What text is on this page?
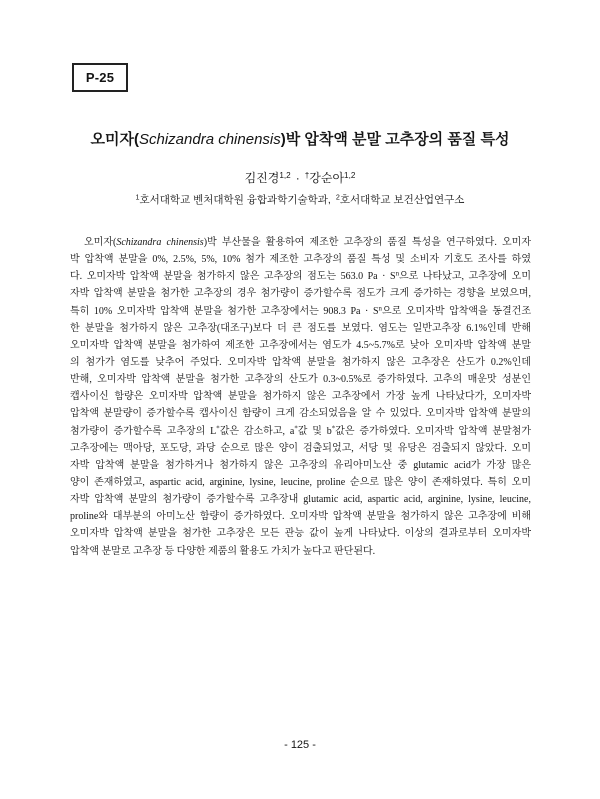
P-25
오미자(Schizandra chinensis)박 압착액 분말 고추장의 품질 특성
김진경$^{1,2}$ · †강순아$^{1,2}$
$^1$호서대학교 벤처대학원 융합과학기술학과, $^2$호서대학교 보건산업연구소
오미자(Schizandra chinensis)박 부산물을 활용하여 제조한 고추장의 품질 특성을 연구하였다. 오미자
박 압착액 분말을 0%, 2.5%, 5%, 10% 첨가 제조한 고추장의 품질 특성 및 소비자 기호도 조사를 하였
다. 오미자박 압착액 분말을 첨가하지 않은 고추장의 점도는 563.0 $Pa \cdot S^n$으로 나타났고, 고추장에 오미
자박 압착액 분말을 첨가한 고추장의 경우 첨가량이 증가할수록 점도가 크게 증가하는 경향을 보였으며,
특히 10% 오미자박 압착액 분말을 첨가한 고추장에서는 908.3 $Pa \cdot S^n$으로 오미자박 압착액을 동결건조
한 분말을 첨가하지 않은 고추장(대조구)보다 더 큰 점도를 보였다. 염도는 일반고추장 6.1%인데 반해
오미자박 압착액 분말을 첨가하여 제조한 고추장에서는 염도가 4.5~5.7%로 낮아 오미자박 압착액 분말
의 첨가가 염도를 낮추어 주었다. 오미자박 압착액 분말을 첨가하지 않은 고추장은 산도가 0.2%인데
반해, 오미자박 압착액 분말을 첨가한 고추장의 산도가 0.3~0.5%로 증가하였다. 고추의 매운맛 성분인
캡사이신 함량은 오미자박 압착액 분말을 첨가하지 않은 고추장에서 가장 높게 나타났다가, 오미자박
압착액 분말량이 증가할수록 캡사이신 함량이 크게 감소되었음을 알 수 있었다. 오미자박 압착액 분말의
첨가량이 증가할수록 고추장의 L*값은 감소하고, a*값 및 b*값은 증가하였다. 오미자박 압착액 분말첨가
고추장에는 맥아당, 포도당, 과당 순으로 많은 양이 검출되었고, 서당 및 유당은 검출되지 않았다. 오미
자박 압착액 분말을 첨가하거나 첨가하지 않은 고추장의 유리아미노산 중 glutamic acid가 가장 많은
양이 존재하였고, aspartic acid, arginine, lysine, leucine, proline 순으로 많은 양이 존재하였다. 특히 오미
자박 압착액 분말의 첨가량이 증가할수록 고추장내 glutamic acid, aspartic acid, arginine, lysine, leucine,
proline와 대부분의 아미노산 함량이 증가하였다. 오미자박 압착액 분말을 첨가하지 않은 고추장에 비해
오미자박 압착액 분말을 첨가한 고추장은 모든 관능 값이 높게 나타났다. 이상의 결과로부터 오미자박
압착액 분말로 고추장 등 다양한 제품의 활용도 가치가 높다고 판단된다.
- 125 -
